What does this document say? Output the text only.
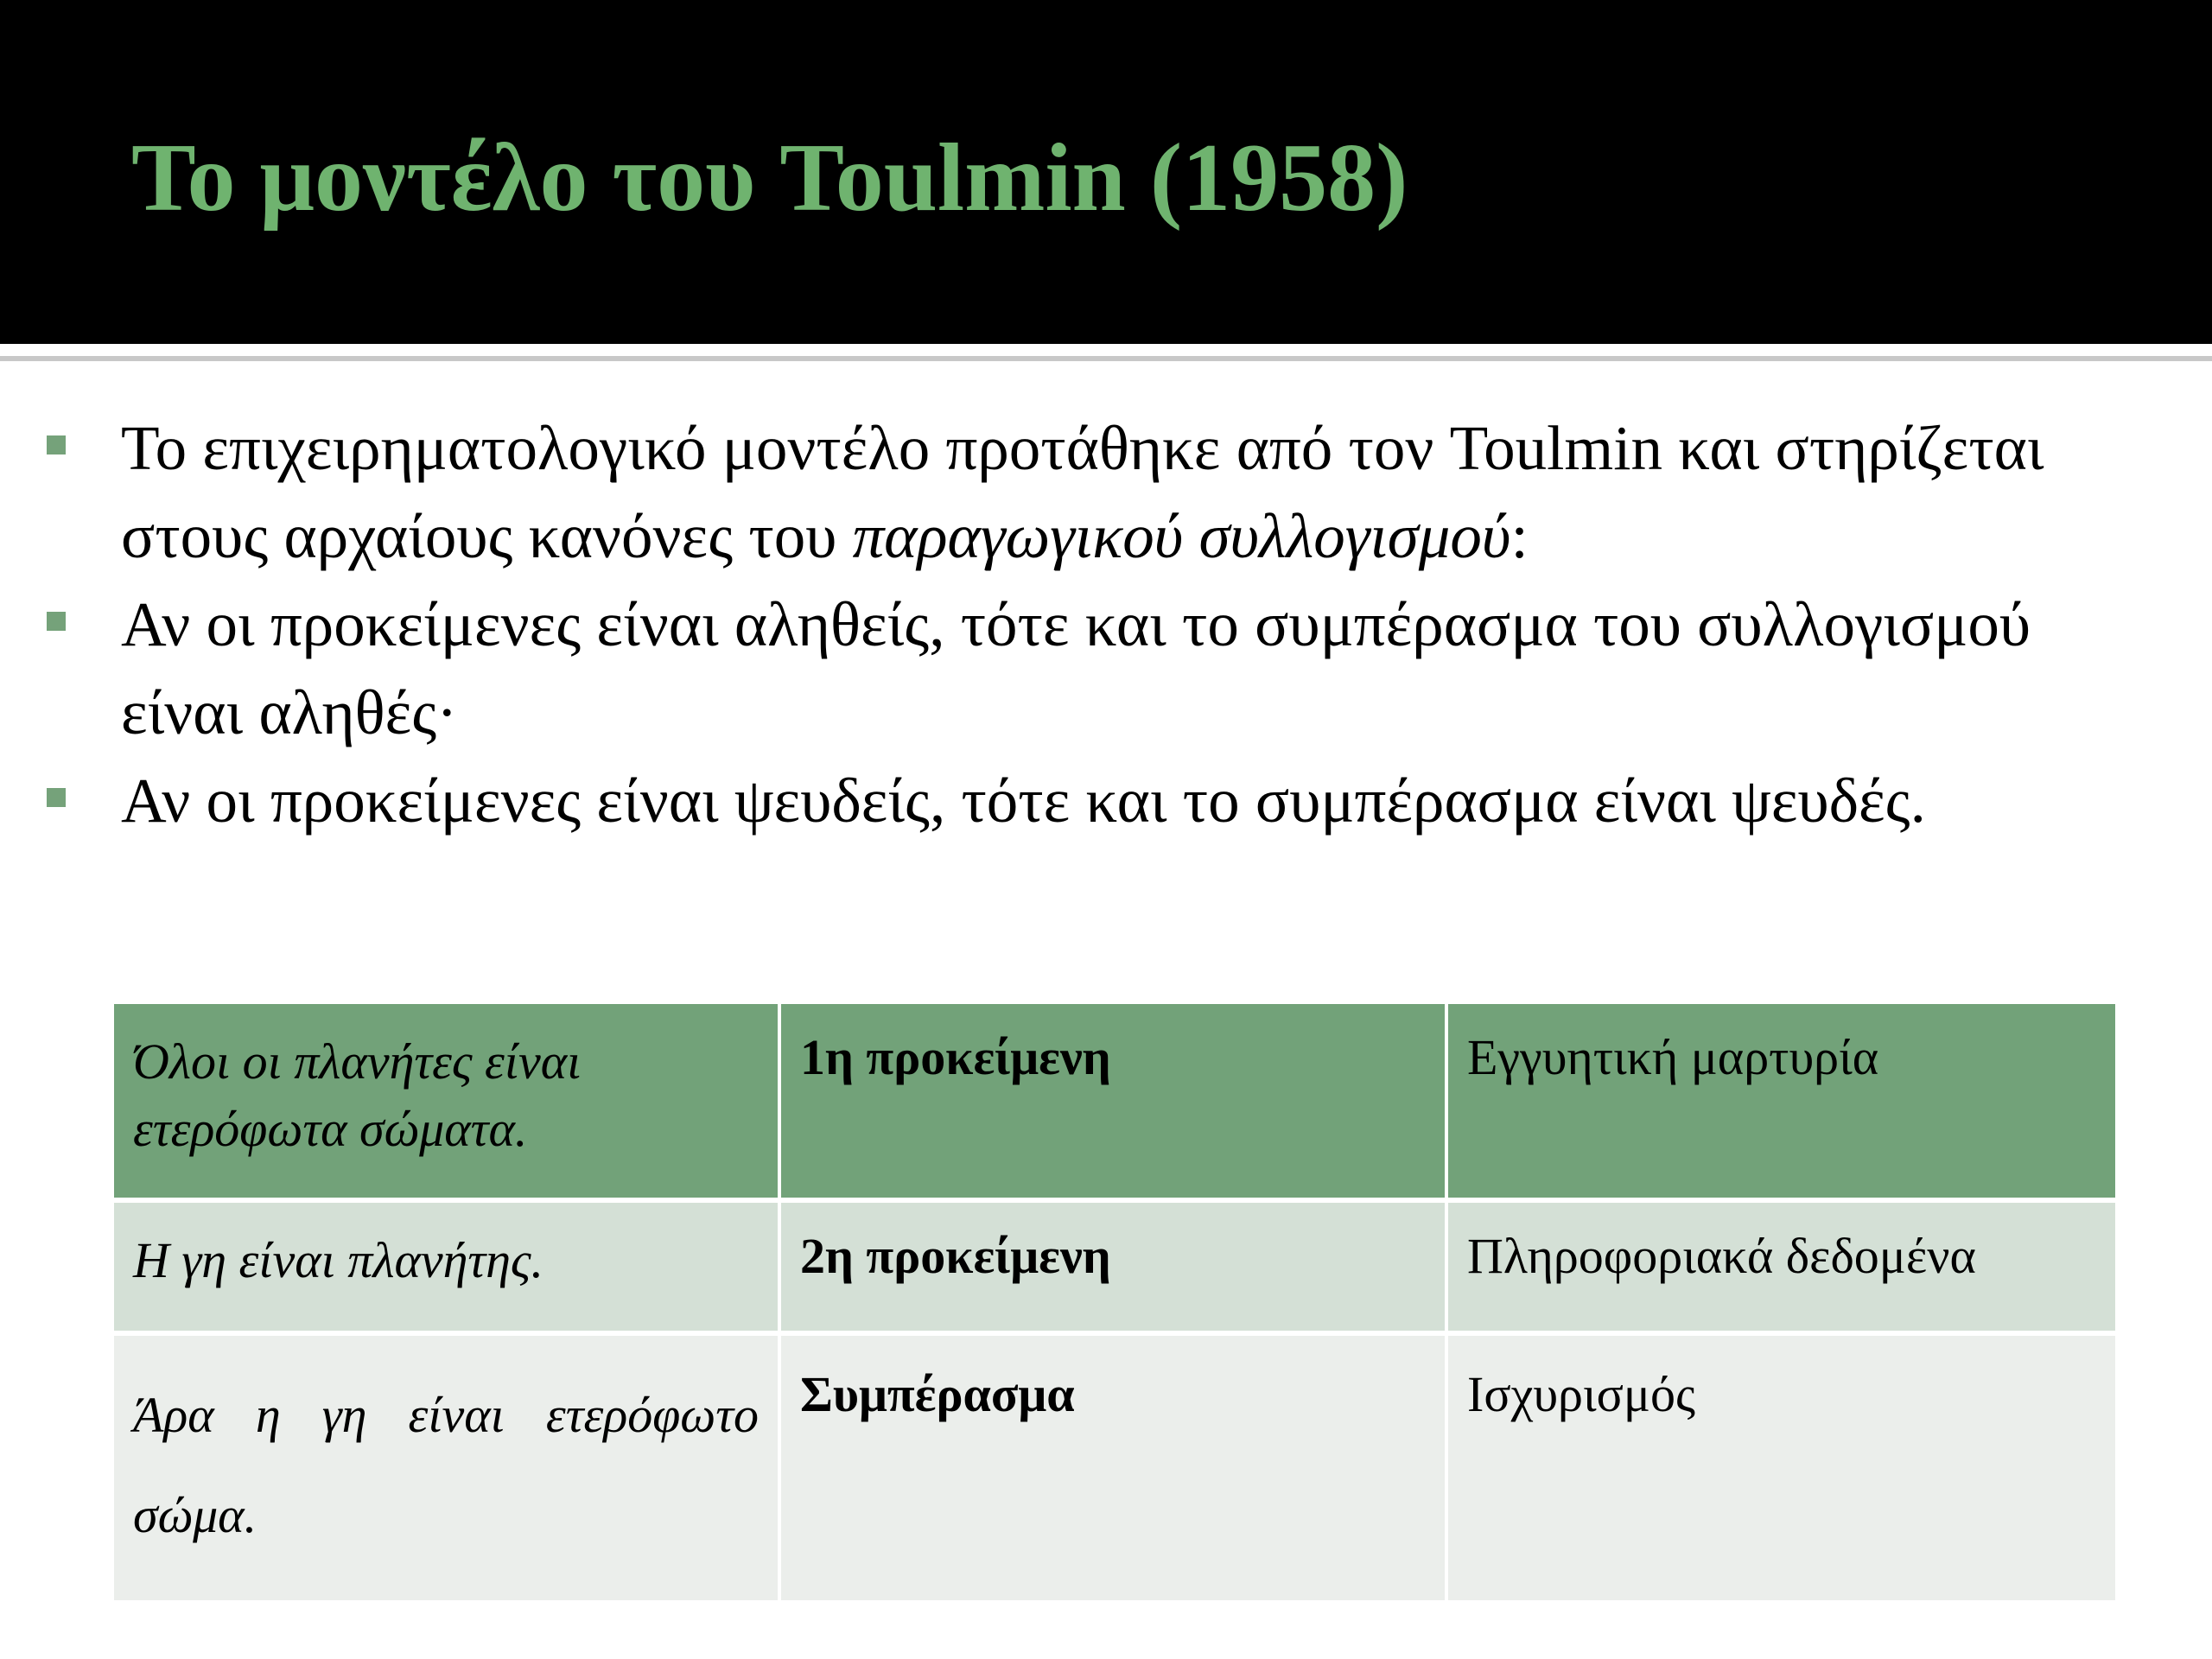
Το μοντέλο του Toulmin (1958)
Το επιχειρηματολογικό μοντέλο προτάθηκε από τον Toulmin και στηρίζεται στους αρχαίους κανόνες του παραγωγικού συλλογισμού:
Αν οι προκείμενες είναι αληθείς, τότε και το συμπέρασμα του συλλογισμού είναι αληθές·
Αν οι προκείμενες είναι ψευδείς, τότε και το συμπέρασμα είναι ψευδές.
Όλοι οι πλανήτες είναι ετερόφωτα σώματα.	1η προκείμενη	Εγγυητική μαρτυρία
Η γη είναι πλανήτης.	2η προκείμενη	Πληροφοριακά δεδομένα
Άρα η γη είναι ετερόφωτο σώμα.	Συμπέρασμα	Ισχυρισμός
